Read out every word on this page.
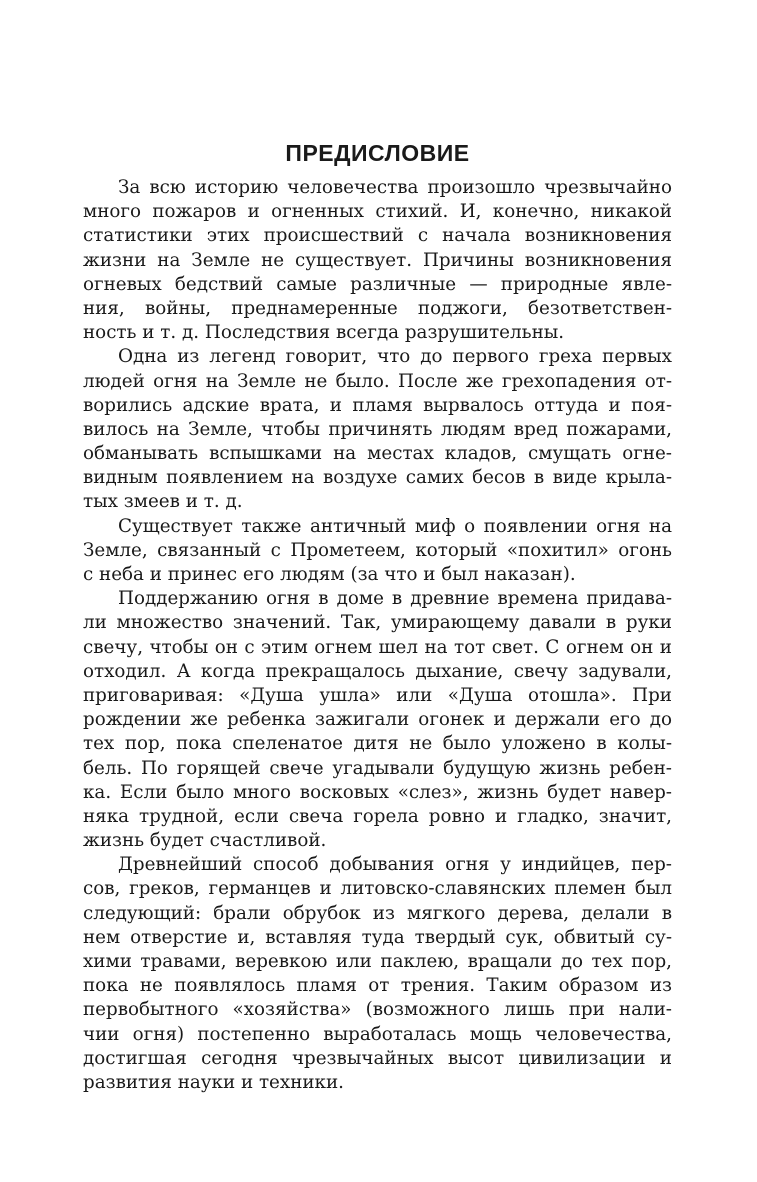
ПРЕДИСЛОВИЕ

За всю историю человечества произошло чрезвычайно
много пожаров и огненных стихий. И, конечно, никакой
статистики этих происшествий с начала возникновения
жизни на Земле не существует. Причины возникновения
огневых бедствий самые различные — природные явле-
ния, войны, преднамеренные поджоги, безответствен-
ность и т. д. Последствия всегда разрушительны.

Одна из легенд говорит, что до первого греха первых
людей огня на Земле не было. После же грехопадения от-
ворились адские врата, и пламя вырвалось оттуда и поя-
вилось на Земле, чтобы причинять людям вред пожарами,
обманывать вспышками на местах кладов, смущать огне-
видным появлением на воздухе самих бесов в виде крыла-
тых змеев и т. д.

Существует также античный миф о появлении огня на
Земле, связанный с Прометеем, который «похитил» огонь
с неба и принес его людям (за что и был наказан).

Поддержанию огня в доме в древние времена придава-
ли множество значений. Так, умирающему давали в руки
свечу, чтобы он с этим огнем шел на тот свет. С огнем он и
отходил. А когда прекращалось дыхание, свечу задували,
приговаривая: «Душа ушла» или «Душа отошла». При
рождении же ребенка зажигали огонек и держали его до
тех пор, пока спеленатое дитя не было уложено в колы-
бель. По горящей свече угадывали будущую жизнь ребен-
ка. Если было много восковых «слез», жизнь будет навер-
няка трудной, если свеча горела ровно и гладко, значит,
жизнь будет счастливой.

Древнейший способ добывания огня у индийцев, пер-
сов, греков, германцев и литовско-славянских племен был
следующий: брали обрубок из мягкого дерева, делали в
нем отверстие и, вставляя туда твердый сук, обвитый су-
хими травами, веревкою или паклею, вращали до тех пор,
пока не появлялось пламя от трения. Таким образом из
первобытного «хозяйства» (возможного лишь при нали-
чии огня) постепенно выработалась мощь человечества,
достигшая сегодня чрезвычайных высот цивилизации и
развития науки и техники.
